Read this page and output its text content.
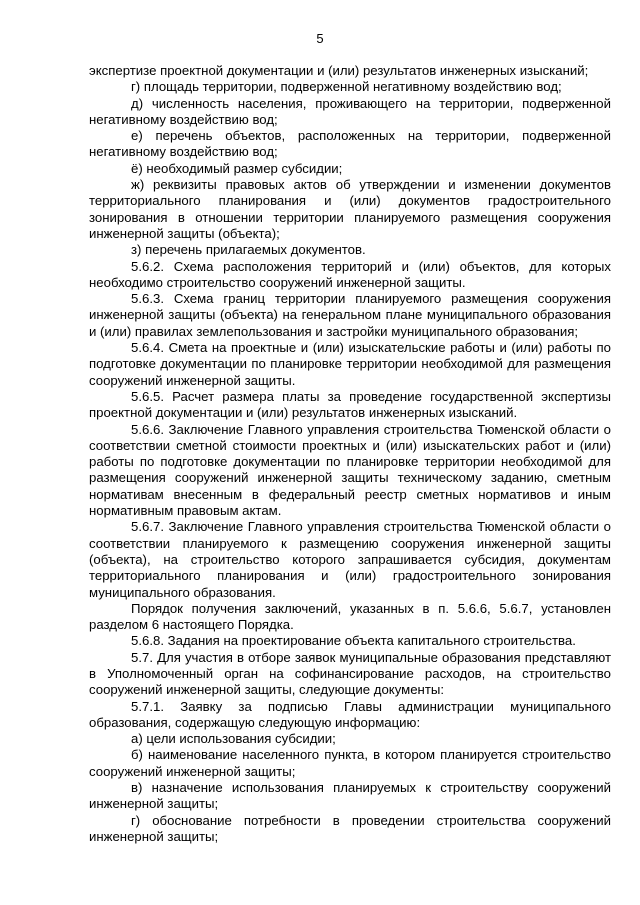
5

экспертизе проектной документации и (или) результатов инженерных изысканий;

г) площадь территории, подверженной негативному воздействию вод;

д) численность населения, проживающего на территории, подверженной негативному воздействию вод;

е) перечень объектов, расположенных на территории, подверженной негативному воздействию вод;

ё) необходимый размер субсидии;

ж) реквизиты правовых актов об утверждении и изменении документов территориального планирования и (или) документов градостроительного зонирования в отношении территории планируемого размещения сооружения инженерной защиты (объекта);

з) перечень прилагаемых документов.

5.6.2. Схема расположения территорий и (или) объектов, для которых необходимо строительство сооружений инженерной защиты.

5.6.3. Схема границ территории планируемого размещения сооружения инженерной защиты (объекта) на генеральном плане муниципального образования и (или) правилах землепользования и застройки муниципального образования;

5.6.4. Смета на проектные и (или) изыскательские работы и (или) работы по подготовке документации по планировке территории необходимой для размещения сооружений инженерной защиты.

5.6.5. Расчет размера платы за проведение государственной экспертизы проектной документации и (или) результатов инженерных изысканий.

5.6.6. Заключение Главного управления строительства Тюменской области о соответствии сметной стоимости проектных и (или) изыскательских работ и (или) работы по подготовке документации по планировке территории необходимой для размещения сооружений инженерной защиты техническому заданию, сметным нормативам внесенным в федеральный реестр сметных нормативов и иным нормативным правовым актам.

5.6.7. Заключение Главного управления строительства Тюменской области о соответствии планируемого к размещению сооружения инженерной защиты (объекта), на строительство которого запрашивается субсидия, документам территориального планирования и (или) градостроительного зонирования муниципального образования.

Порядок получения заключений, указанных в п. 5.6.6, 5.6.7, установлен разделом 6 настоящего Порядка.

5.6.8. Задания на проектирование объекта капитального строительства.

5.7. Для участия в отборе заявок муниципальные образования представляют в Уполномоченный орган на софинансирование расходов, на строительство сооружений инженерной защиты, следующие документы:

5.7.1. Заявку за подписью Главы администрации муниципального образования, содержащую следующую информацию:

а) цели использования субсидии;

б) наименование населенного пункта, в котором планируется строительство сооружений инженерной защиты;

в) назначение использования планируемых к строительству сооружений инженерной защиты;

г) обоснование потребности в проведении строительства сооружений инженерной защиты;
